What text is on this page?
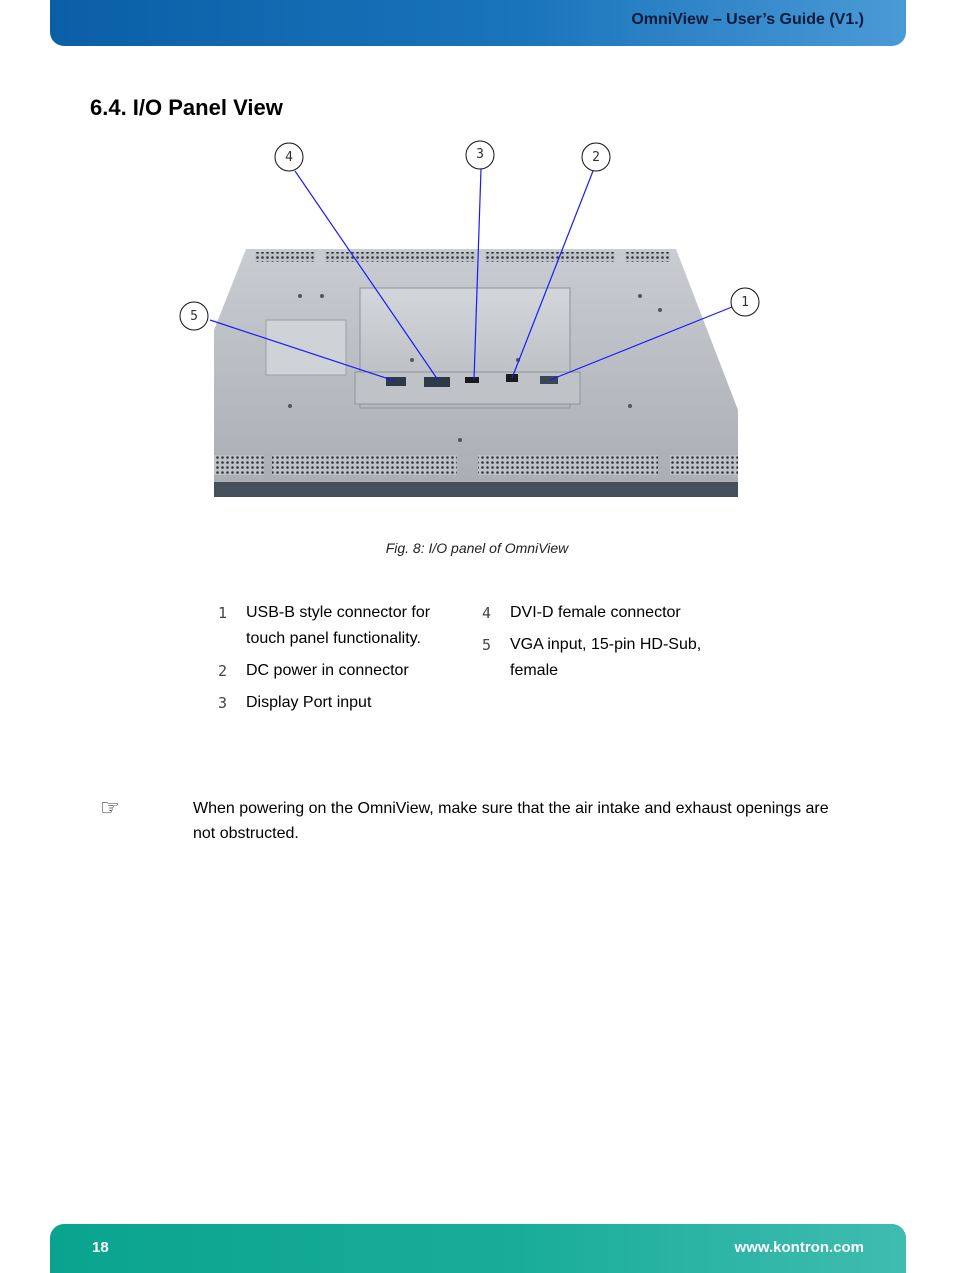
OmniView – User’s Guide (V1.)
6.4. I/O Panel View
1
2
3
4
5
Fig. 8: I/O panel of OmniView
1	USB-B style connector for touch panel functionality.
2	DC power in connector
3	Display Port input
4	DVI-D female connector
5	VGA input, 15-pin HD-Sub, female
☞	When powering on the OmniView, make sure that the air intake and exhaust openings are not obstructed.

18	www.kontron.com
